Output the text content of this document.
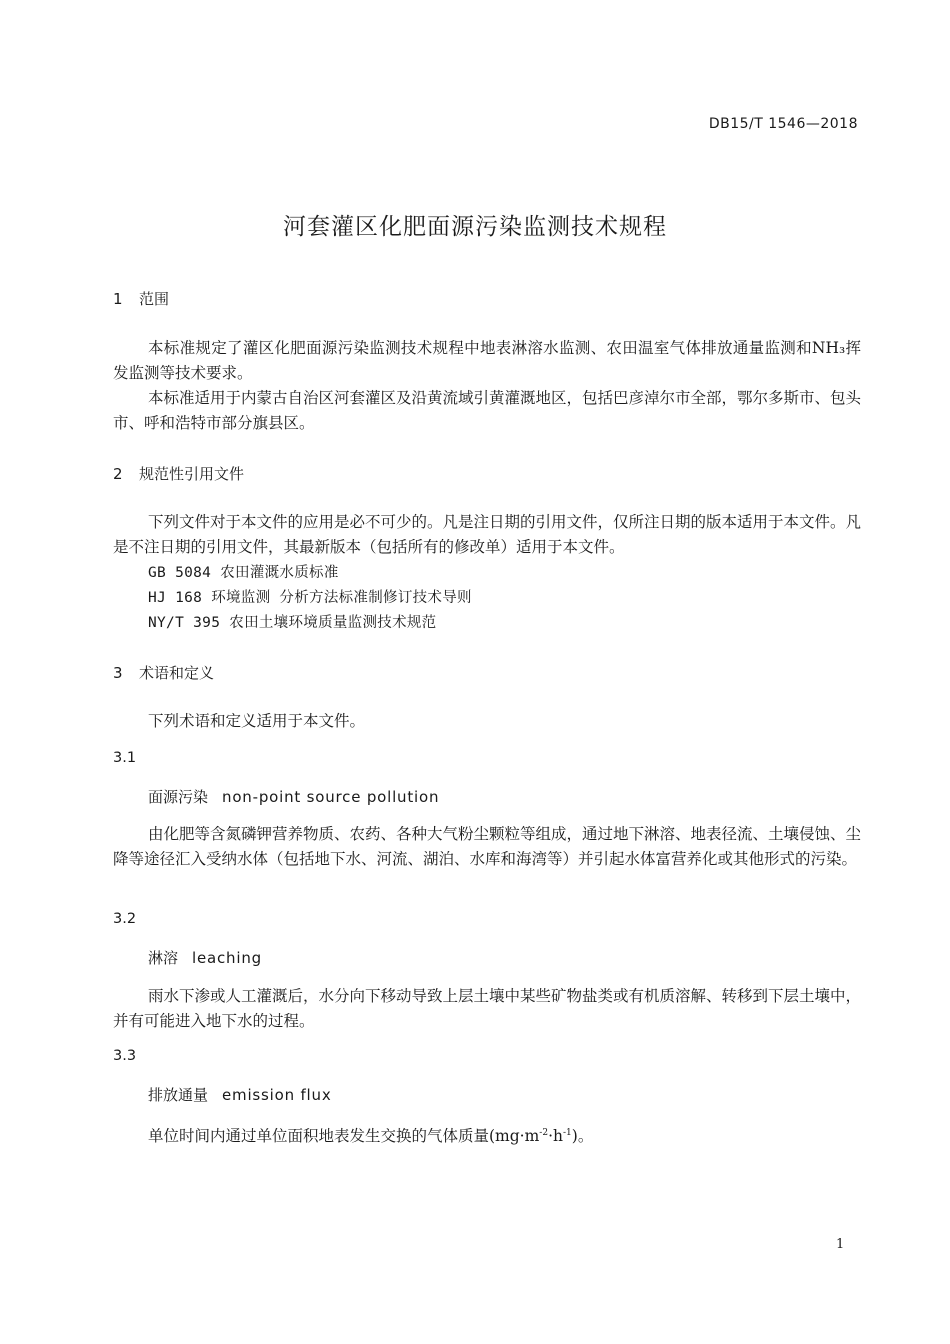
DB15/T 1546—2018
河套灌区化肥面源污染监测技术规程
1 范围
本标准规定了灌区化肥面源污染监测技术规程中地表淋溶水监测、农田温室气体排放通量监测和NH₃挥发监测等技术要求。
本标准适用于内蒙古自治区河套灌区及沿黄流域引黄灌溉地区，包括巴彦淖尔市全部，鄂尔多斯市、包头市、呼和浩特市部分旗县区。
2 规范性引用文件
下列文件对于本文件的应用是必不可少的。凡是注日期的引用文件，仅所注日期的版本适用于本文件。凡是不注日期的引用文件，其最新版本（包括所有的修改单）适用于本文件。
GB 5084 农田灌溉水质标准
HJ 168 环境监测 分析方法标准制修订技术导则
NY/T 395 农田土壤环境质量监测技术规范
3 术语和定义
下列术语和定义适用于本文件。
3.1
面源污染 non-point source pollution
由化肥等含氮磷钾营养物质、农药、各种大气粉尘颗粒等组成，通过地下淋溶、地表径流、土壤侵蚀、尘降等途径汇入受纳水体（包括地下水、河流、湖泊、水库和海湾等）并引起水体富营养化或其他形式的污染。
3.2
淋溶 leaching
雨水下渗或人工灌溉后，水分向下移动导致上层土壤中某些矿物盐类或有机质溶解、转移到下层土壤中，并有可能进入地下水的过程。
3.3
排放通量 emission flux
单位时间内通过单位面积地表发生交换的气体质量$(mg\cdot m^{-2}\cdot h^{-1})$。
1
